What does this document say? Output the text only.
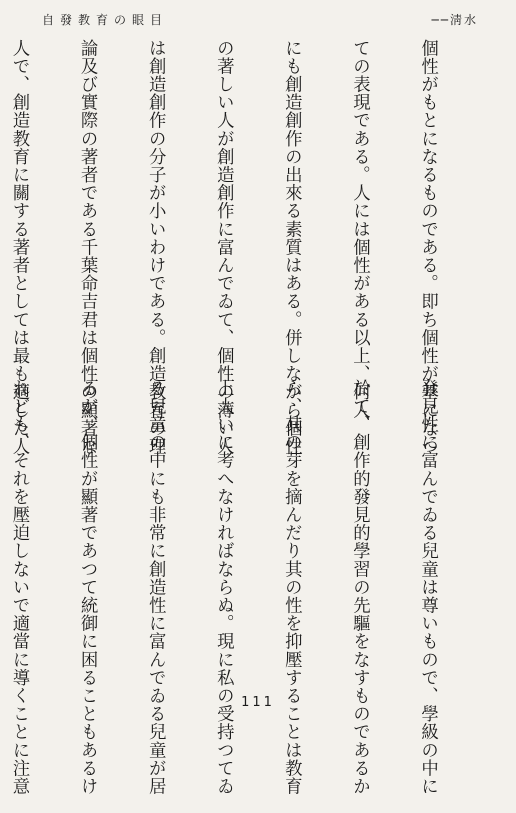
自發教育の眼目	──淸水

個性がもとになるものである。即ち個性が基になつ

ての表現である。人には個性がある以上、何人

にも創造創作の出來る素質はある。併しながら個性

の著しい人が創造創作に富んでゐて、個性の薄い人

は創造創作の分子が小いわけである。創造教育の理

論及び實際の著者である千葉命吉君は個性の顯著な

人で、創造教育に關する著者としては最も適した人

發見性に富んでゐる兒童は尊いもので、學級の中に

於て、創作的發見的學習の先驅をなすものであるか

ら、其の芽を摘んだり其の性を抑壓することは教育

上大いに考へなければならぬ。現に私の受持つてゐ

る兒童の中にも非常に創造性に富んでゐる兒童が居

るが、個性が顯著であつて統御に困ることもあるけ

れども、それを壓迫しないで適當に導くことに注意

	111
